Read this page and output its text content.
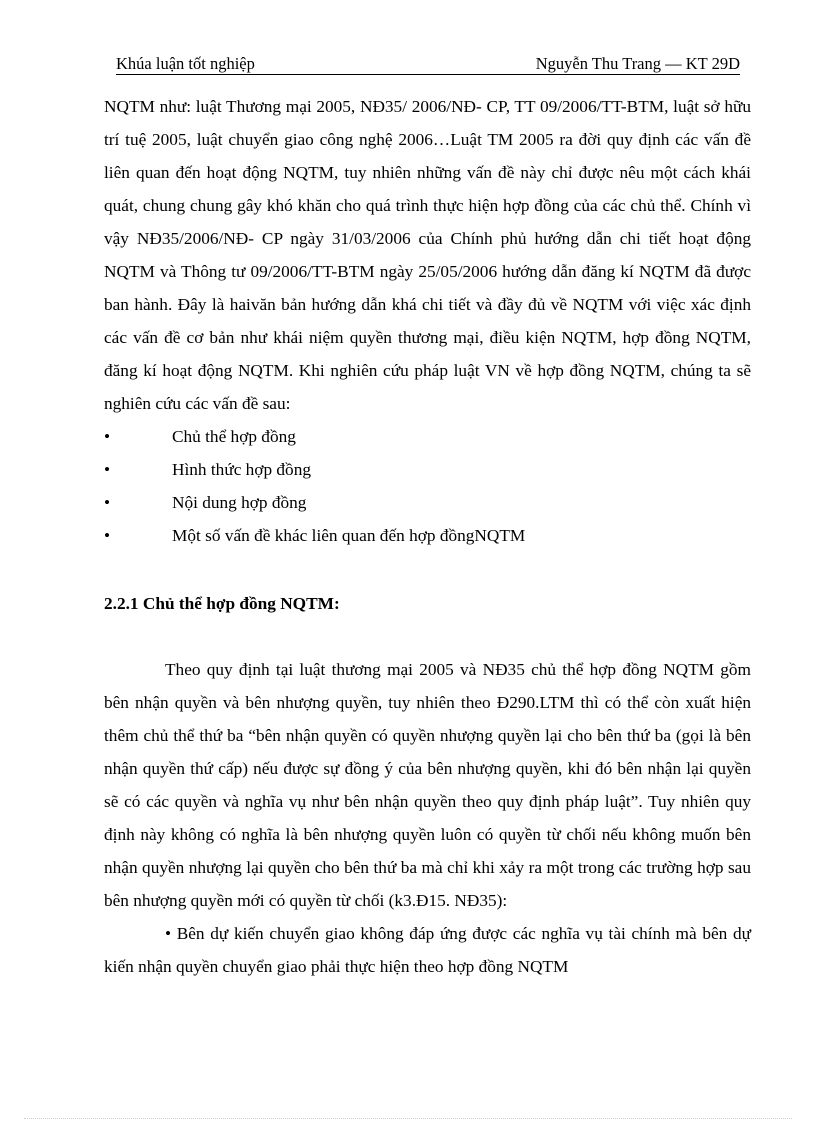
Khúa luận tốt nghiệp	Nguyễn Thu Trang — KT 29D

NQTM như: luật Thương mại 2005, NĐ35/ 2006/NĐ- CP, TT 09/2006/TT-BTM, luật sở hữu trí tuệ 2005, luật chuyển giao công nghệ 2006…Luật TM 2005 ra đời quy định các vấn đề liên quan đến hoạt động NQTM, tuy nhiên những vấn đề này chỉ được nêu một cách khái quát, chung chung gây khó khăn cho quá trình thực hiện hợp đồng của các chủ thể. Chính vì vậy NĐ35/2006/NĐ- CP ngày 31/03/2006 của Chính phủ hướng dẫn chi tiết hoạt động NQTM và Thông tư 09/2006/TT-BTM ngày 25/05/2006 hướng dẫn đăng kí NQTM đã được ban hành. Đây là haivăn bản hướng dẫn khá chi tiết và đầy đủ về NQTM với việc xác định các vấn đề cơ bản như khái niệm quyền thương mại, điều kiện NQTM, hợp đồng NQTM, đăng kí hoạt động NQTM. Khi nghiên cứu pháp luật VN về hợp đồng NQTM, chúng ta sẽ nghiên cứu các vấn đề sau:

•	Chủ thể hợp đồng
•	Hình thức hợp đồng
•	Nội dung hợp đồng
•	Một số vấn đề khác liên quan đến hợp đồngNQTM
2.2.1 Chủ thể hợp đồng NQTM:

Theo quy định tại luật thương mại 2005 và NĐ35 chủ thể hợp đồng NQTM gồm bên nhận quyền và bên nhượng quyền, tuy nhiên theo Đ290.LTM thì có thể còn xuất hiện thêm chủ thể thứ ba “bên nhận quyền có quyền nhượng quyền lại cho bên thứ ba (gọi là bên nhận quyền thứ cấp) nếu được sự đồng ý của bên nhượng quyền, khi đó bên nhận lại quyền sẽ có các quyền và nghĩa vụ như bên nhận quyền theo quy định pháp luật”. Tuy nhiên quy định này không có nghĩa là bên nhượng quyền luôn có quyền từ chối nếu không muốn bên nhận quyền nhượng lại quyền cho bên thứ ba mà chỉ khi xảy ra một trong các trường hợp sau bên nhượng quyền mới có quyền từ chối (k3.Đ15. NĐ35):

• Bên dự kiến chuyển giao không đáp ứng được các nghĩa vụ tài chính mà bên dự kiến nhận quyền chuyển giao phải thực hiện theo hợp đồng NQTM
